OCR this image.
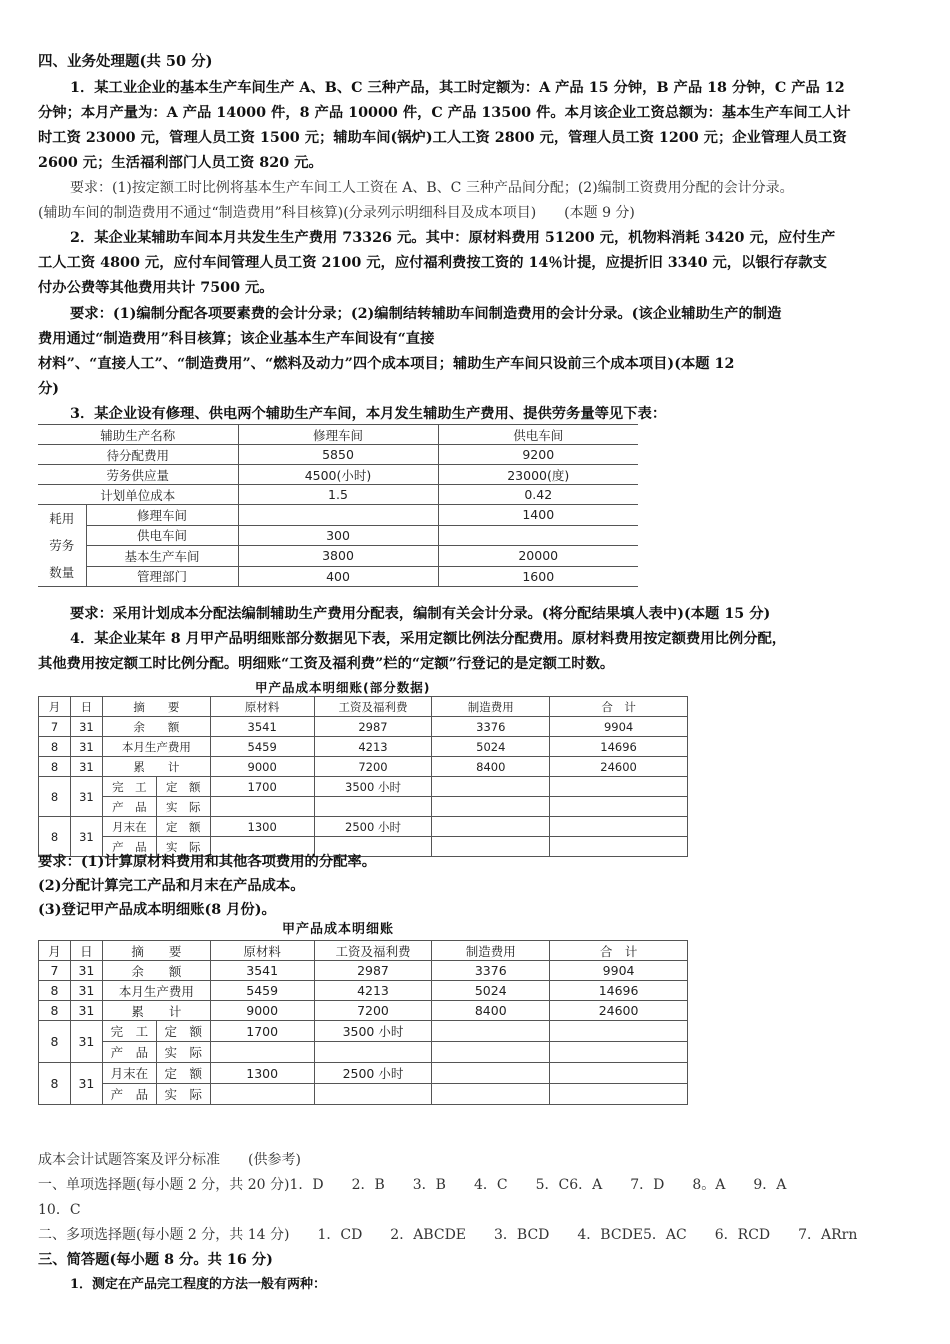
四、业务处理题(共 50 分)
1．某工业企业的基本生产车间生产 A、B、C 三种产品，其工时定额为：A 产品 15 分钟，B 产品 18 分钟，C 产品 12
分钟；本月产量为：A 产品 14000 件，8 产品 10000 件，C 产品 13500 件。本月该企业工资总额为：基本生产车间工人计
时工资 23000 元，管理人员工资 1500 元；辅助车间(锅炉)工人工资 2800 元，管理人员工资 1200 元；企业管理人员工资
2600 元；生活福利部门人员工资 820 元。
要求：(1)按定额工时比例将基本生产车间工人工资在 A、B、C 三种产品间分配；(2)编制工资费用分配的会计分录。
(辅助车间的制造费用不通过“制造费用”科目核算)(分录列示明细科目及成本项目)　　(本题 9 分)
2．某企业某辅助车间本月共发生生产费用 73326 元。其中：原材料费用 51200 元，机物料消耗 3420 元，应付生产
工人工资 4800 元，应付车间管理人员工资 2100 元，应付福利费按工资的 14％计提，应提折旧 3340 元，以银行存款支
付办公费等其他费用共计 7500 元。
要求：(1)编制分配各项要素费的会计分录；(2)编制结转辅助车间制造费用的会计分录。(该企业辅助生产的制造
费用通过“制造费用”科目核算；该企业基本生产车间设有“直接
材料”、“直接人工”、“制造费用”、“燃料及动力”四个成本项目；辅助生产车间只设前三个成本项目)(本题 12
分)
3．某企业设有修理、供电两个辅助生产车间，本月发生辅助生产费用、提供劳务量等见下表：
辅助生产名称		修理车间	供电车间
待分配费用		5850	9200
劳务供应量		4500(小时)	23000(度)
计划单位成本		1.5	0.42
耗用劳务数量	修理车间		1400
	供电车间	300	
	基本生产车间	3800	20000
	管理部门	400	1600
要求：采用计划成本分配法编制辅助生产费用分配表，编制有关会计分录。(将分配结果填人表中)(本题 15 分)
4．某企业某年 8 月甲产品明细账部分数据见下表，采用定额比例法分配费用。原材料费用按定额费用比例分配，
其他费用按定额工时比例分配。明细账“工资及福利费”栏的“定额”行登记的是定额工时数。
甲产品成本明细账(部分数据)
月	日	摘　　要		原材料	工资及福利费	制造费用	合　计
7	31	余　　额		3541	2987	3376	9904
8	31	本月生产费用		5459	4213	5024	14696
8	31	累　　计		9000	7200	8400	24600
8	31	完　工	定　额	1700	3500 小时		
		产　品	实　际				
8	31	月末在	定　额	1300	2500 小时		
		产　品	实　际				
要求：(1)计算原材料费用和其他各项费用的分配率。
(2)分配计算完工产品和月末在产品成本。
(3)登记甲产品成本明细账(8 月份)。
甲产品成本明细账
月	日	摘　　要		原材料	工资及福利费	制造费用	合　计
7	31	余　　额		3541	2987	3376	9904
8	31	本月生产费用		5459	4213	5024	14696
8	31	累　　计		9000	7200	8400	24600
8	31	完　工	定　额	1700	3500 小时		
		产　品	实　际				
8	31	月末在	定　额	1300	2500 小时		
		产　品	实　际				
成本会计试题答案及评分标准　　(供参考)
一、单项选择题(每小题 2 分，共 20 分)1．D　　2．B　　3．B　　4．C　　5．C6．A　　7．D　　8。A　　9．A
10．C
二、多项选择题(每小题 2 分，共 14 分)　　1．CD　　2．ABCDE　　3．BCD　　4．BCDE5．AC　　6．RCD　　7．ARrn
三、简答题(每小题 8 分。共 16 分)
1．测定在产品完工程度的方法一般有两种：
